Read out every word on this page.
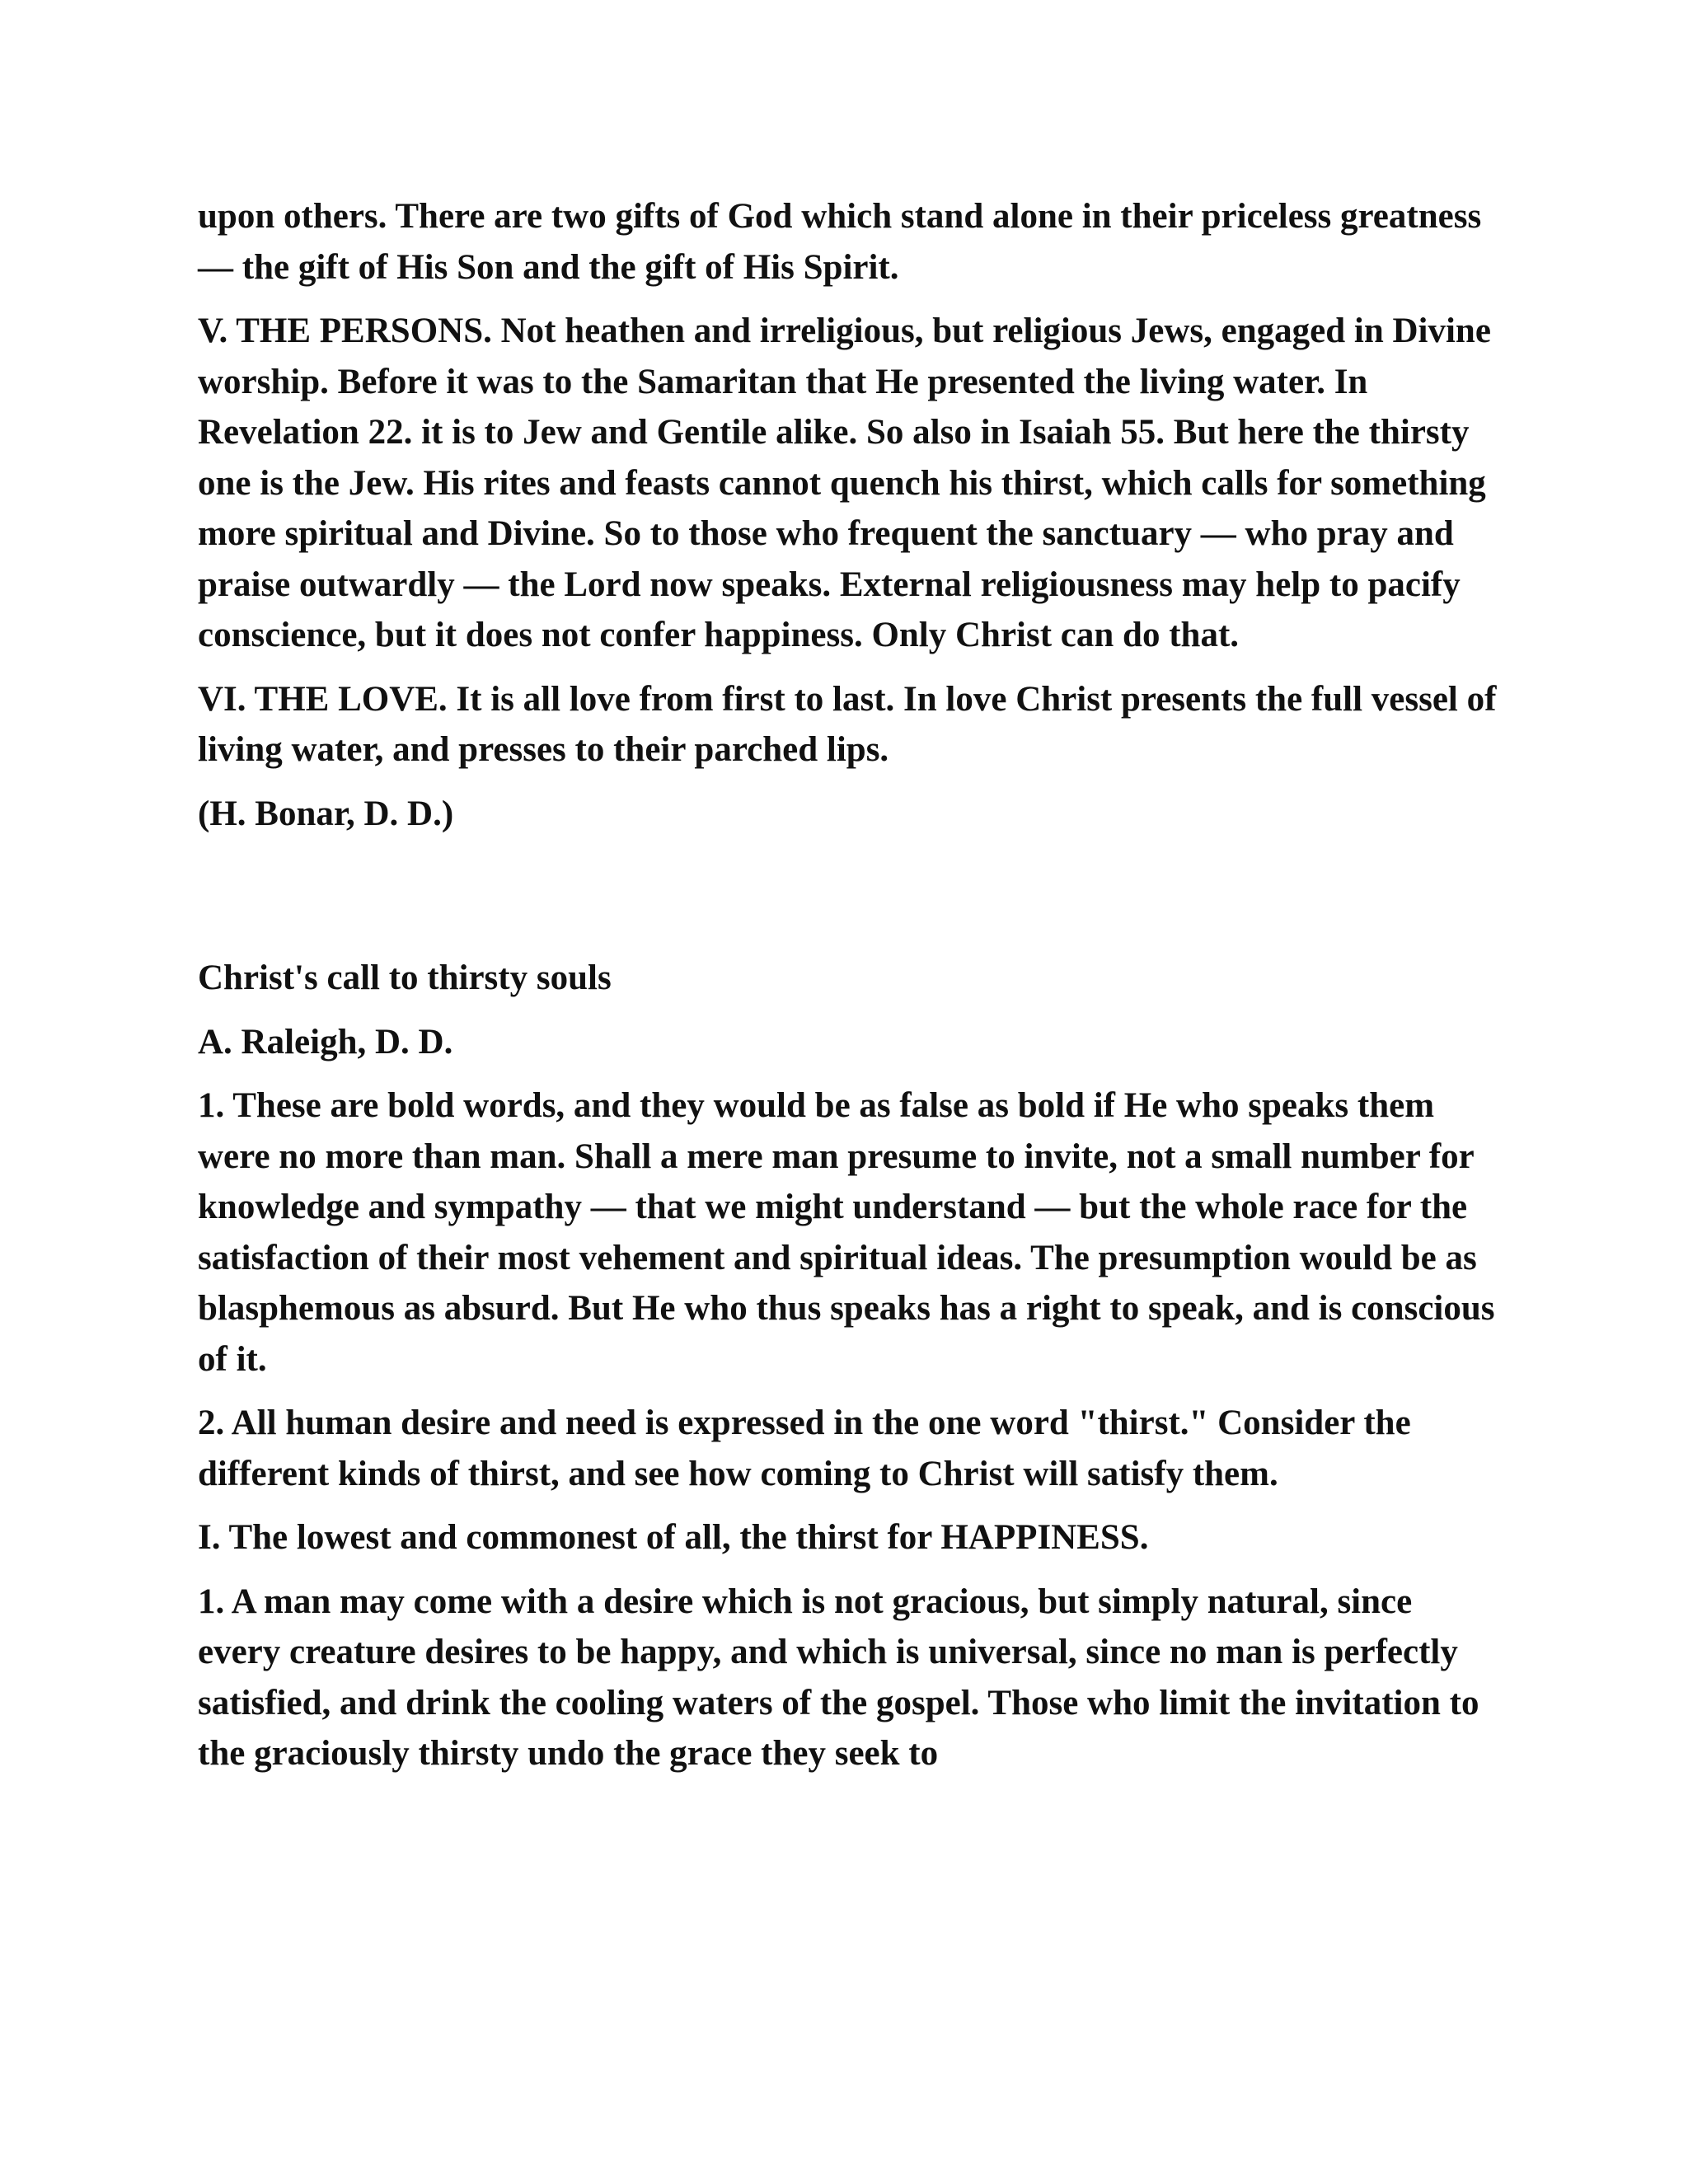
upon others. There are two gifts of God which stand alone in their priceless greatness — the gift of His Son and the gift of His Spirit.

V. THE PERSONS. Not heathen and irreligious, but religious Jews, engaged in Divine worship. Before it was to the Samaritan that He presented the living water. In Revelation 22. it is to Jew and Gentile alike. So also in Isaiah 55. But here the thirsty one is the Jew. His rites and feasts cannot quench his thirst, which calls for something more spiritual and Divine. So to those who frequent the sanctuary — who pray and praise outwardly — the Lord now speaks. External religiousness may help to pacify conscience, but it does not confer happiness. Only Christ can do that.

VI. THE LOVE. It is all love from first to last. In love Christ presents the full vessel of living water, and presses to their parched lips.

(H. Bonar, D. D.)

Christ's call to thirsty souls

A. Raleigh, D. D.

1. These are bold words, and they would be as false as bold if He who speaks them were no more than man. Shall a mere man presume to invite, not a small number for knowledge and sympathy — that we might understand — but the whole race for the satisfaction of their most vehement and spiritual ideas. The presumption would be as blasphemous as absurd. But He who thus speaks has a right to speak, and is conscious of it.

2. All human desire and need is expressed in the one word "thirst." Consider the different kinds of thirst, and see how coming to Christ will satisfy them.

I. The lowest and commonest of all, the thirst for HAPPINESS.

1. A man may come with a desire which is not gracious, but simply natural, since every creature desires to be happy, and which is universal, since no man is perfectly satisfied, and drink the cooling waters of the gospel. Those who limit the invitation to the graciously thirsty undo the grace they seek to
